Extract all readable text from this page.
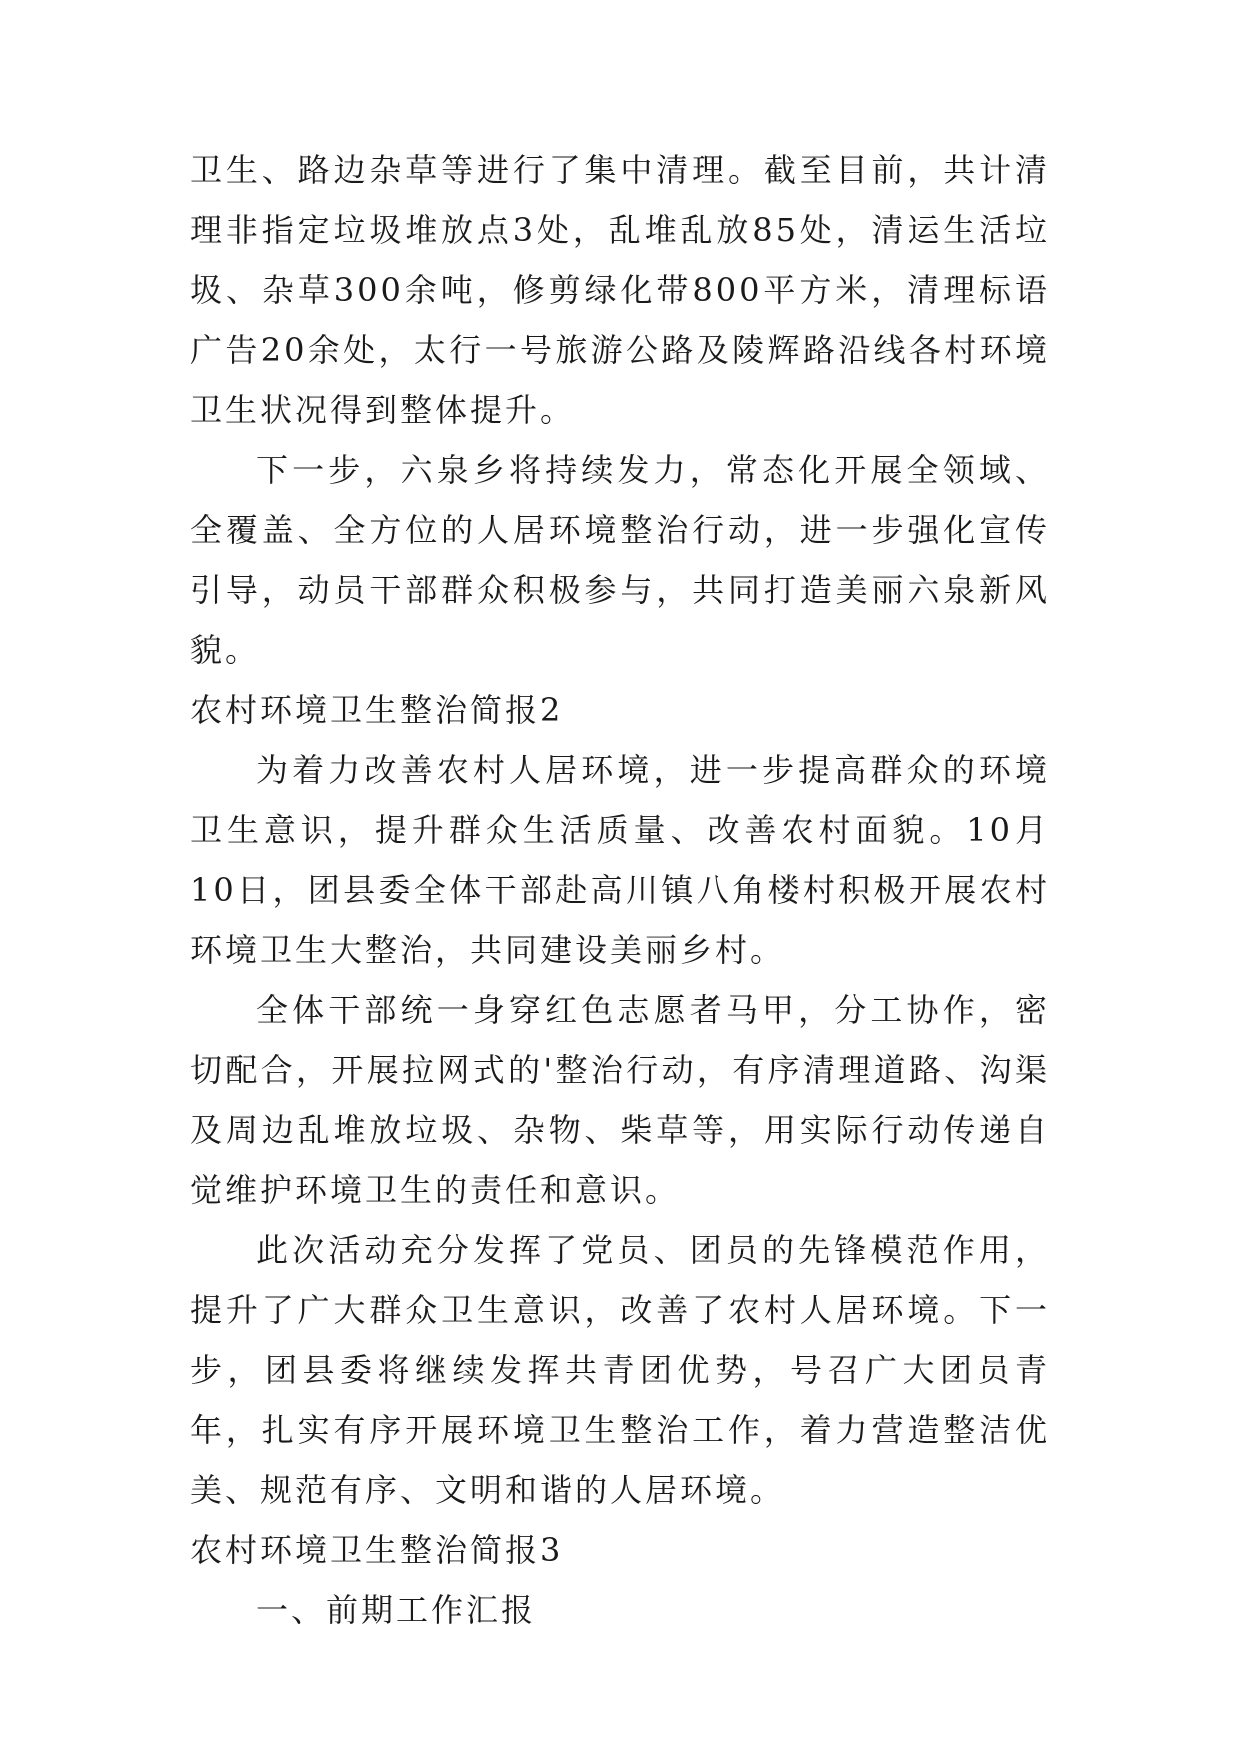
卫生、路边杂草等进行了集中清理。截至目前，共计清理非指定垃圾堆放点3处，乱堆乱放85处，清运生活垃圾、杂草300余吨，修剪绿化带800平方米，清理标语广告20余处，太行一号旅游公路及陵辉路沿线各村环境卫生状况得到整体提升。

下一步，六泉乡将持续发力，常态化开展全领域、全覆盖、全方位的人居环境整治行动，进一步强化宣传引导，动员干部群众积极参与，共同打造美丽六泉新风貌。

农村环境卫生整治简报2

为着力改善农村人居环境，进一步提高群众的环境卫生意识，提升群众生活质量、改善农村面貌。10月10日，团县委全体干部赴高川镇八角楼村积极开展农村环境卫生大整治，共同建设美丽乡村。

全体干部统一身穿红色志愿者马甲，分工协作，密切配合，开展拉网式的'整治行动，有序清理道路、沟渠及周边乱堆放垃圾、杂物、柴草等，用实际行动传递自觉维护环境卫生的责任和意识。

此次活动充分发挥了党员、团员的先锋模范作用，提升了广大群众卫生意识，改善了农村人居环境。下一步，团县委将继续发挥共青团优势，号召广大团员青年，扎实有序开展环境卫生整治工作，着力营造整洁优美、规范有序、文明和谐的人居环境。

农村环境卫生整治简报3

一、前期工作汇报
